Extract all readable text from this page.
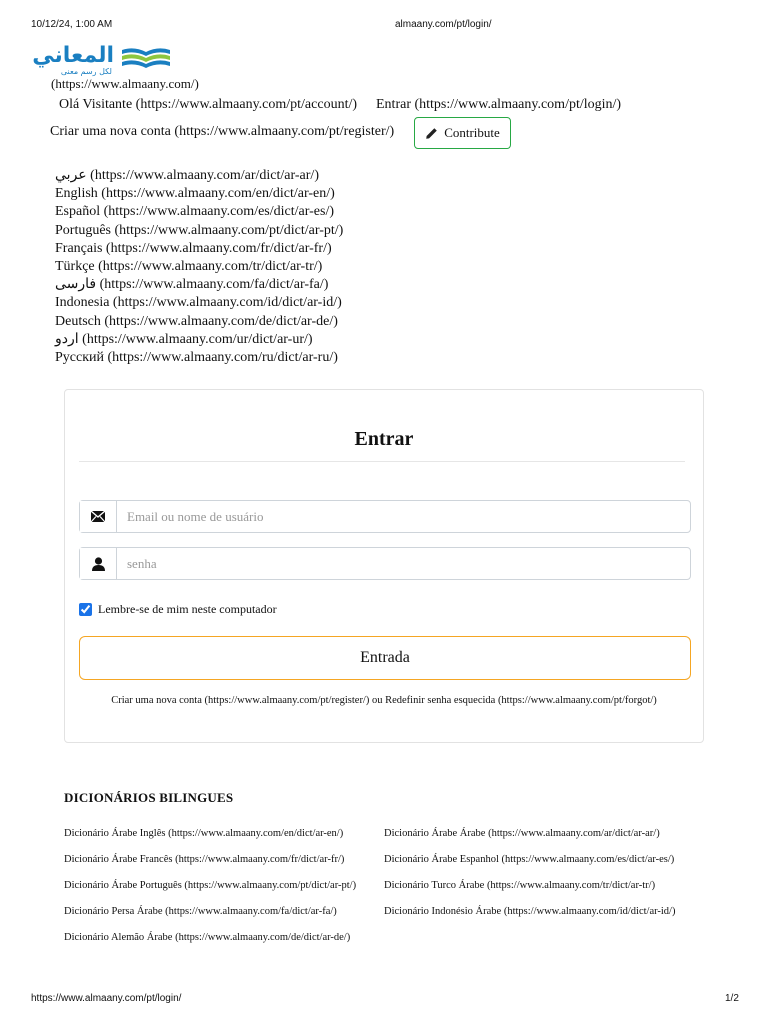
10/12/24, 1:00 AM	almaany.com/pt/login/
المعاني
لكل رسم معنى
(https://www.almaany.com/)
Olá Visitante (https://www.almaany.com/pt/account/) Entrar (https://www.almaany.com/pt/login/)
Criar uma nova conta (https://www.almaany.com/pt/register/)	Contribute
عربي (https://www.almaany.com/ar/dict/ar-ar/)
English (https://www.almaany.com/en/dict/ar-en/)
Español (https://www.almaany.com/es/dict/ar-es/)
Português (https://www.almaany.com/pt/dict/ar-pt/)
Français (https://www.almaany.com/fr/dict/ar-fr/)
Türkçe (https://www.almaany.com/tr/dict/ar-tr/)
فارسی (https://www.almaany.com/fa/dict/ar-fa/)
Indonesia (https://www.almaany.com/id/dict/ar-id/)
Deutsch (https://www.almaany.com/de/dict/ar-de/)
اردو (https://www.almaany.com/ur/dict/ar-ur/)
Русский (https://www.almaany.com/ru/dict/ar-ru/)
Entrar
Email ou nome de usuário
Lembre-se de mim neste computador
Entrada
Criar uma nova conta (https://www.almaany.com/pt/register/) ou Redefinir senha esquecida (https://www.almaany.com/pt/forgot/)
DICIONÁRIOS BILINGUES
Dicionário Árabe Inglês (https://www.almaany.com/en/dict/ar-en/)
Dicionário Árabe Francês (https://www.almaany.com/fr/dict/ar-fr/)
Dicionário Árabe Português (https://www.almaany.com/pt/dict/ar-pt/)
Dicionário Persa Árabe (https://www.almaany.com/fa/dict/ar-fa/)
Dicionário Alemão Árabe (https://www.almaany.com/de/dict/ar-de/)
Dicionário Árabe Árabe (https://www.almaany.com/ar/dict/ar-ar/)
Dicionário Árabe Espanhol (https://www.almaany.com/es/dict/ar-es/)
Dicionário Turco Árabe (https://www.almaany.com/tr/dict/ar-tr/)
Dicionário Indonésio Árabe (https://www.almaany.com/id/dict/ar-id/)
https://www.almaany.com/pt/login/	1/2
